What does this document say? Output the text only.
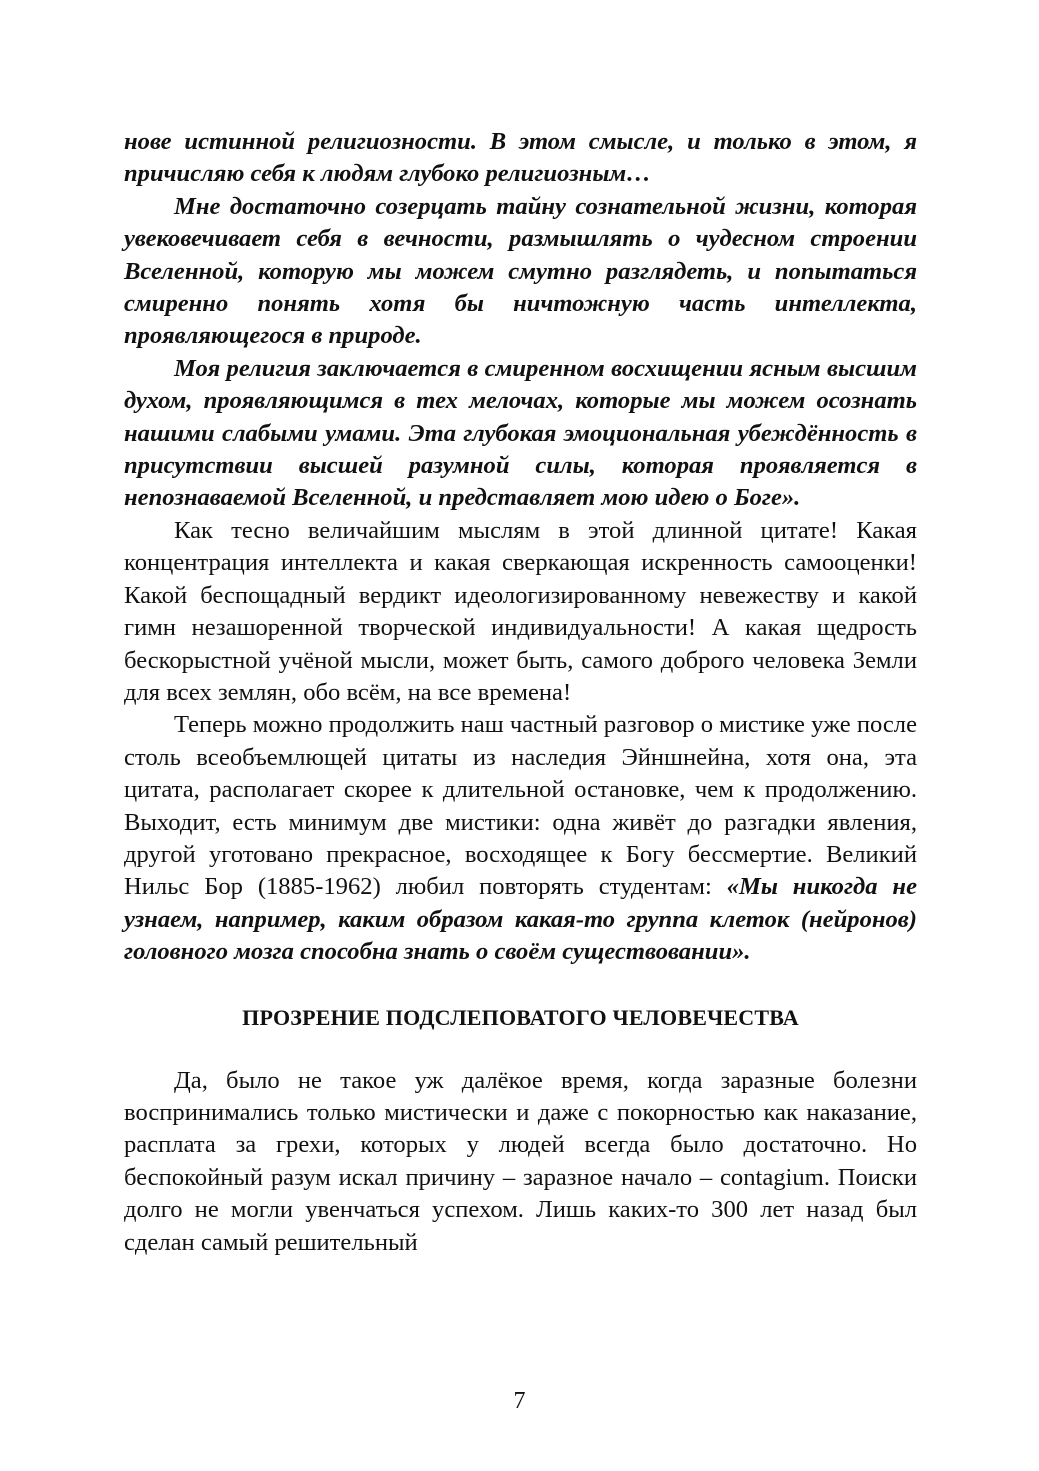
нове истинной религиозности. В этом смысле, и только в этом, я причисляю себя к людям глубоко религиозным…

Мне достаточно созерцать тайну сознательной жизни, которая увековечивает себя в вечности, размышлять о чудесном строении Вселенной, которую мы можем смутно разглядеть, и попытаться смиренно понять хотя бы ничтожную часть интеллекта, проявляющегося в природе.

Моя религия заключается в смиренном восхищении ясным высшим духом, проявляющимся в тех мелочах, которые мы можем осознать нашими слабыми умами. Эта глубокая эмоциональная убеждённость в присутствии высшей разумной силы, которая проявляется в непознаваемой Вселенной, и представляет мою идею о Боге».

Как тесно величайшим мыслям в этой длинной цитате! Какая концентрация интеллекта и какая сверкающая искренность самооценки! Какой беспощадный вердикт идеологизированному невежеству и какой гимн незашоренной творческой индивидуальности! А какая щедрость бескорыстной учёной мысли, может быть, самого доброго человека Земли для всех землян, обо всём, на все времена!

Теперь можно продолжить наш частный разговор о мистике уже после столь всеобъемлющей цитаты из наследия Эйншнейна, хотя она, эта цитата, располагает скорее к длительной остановке, чем к продолжению. Выходит, есть минимум две мистики: одна живёт до разгадки явления, другой уготовано прекрасное, восходящее к Богу бессмертие. Великий Нильс Бор (1885-1962) любил повторять студентам: «Мы никогда не узнаем, например, каким образом какая-то группа клеток (нейронов) головного мозга способна знать о своём существовании».

ПРОЗРЕНИЕ ПОДСЛЕПОВАТОГО ЧЕЛОВЕЧЕСТВА

Да, было не такое уж далёкое время, когда заразные болезни воспринимались только мистически и даже с покорностью как наказание, расплата за грехи, которых у людей всегда было достаточно. Но беспокойный разум искал причину – заразное начало – contagium. Поиски долго не могли увенчаться успехом. Лишь каких-то 300 лет назад был сделан самый решительный

7
